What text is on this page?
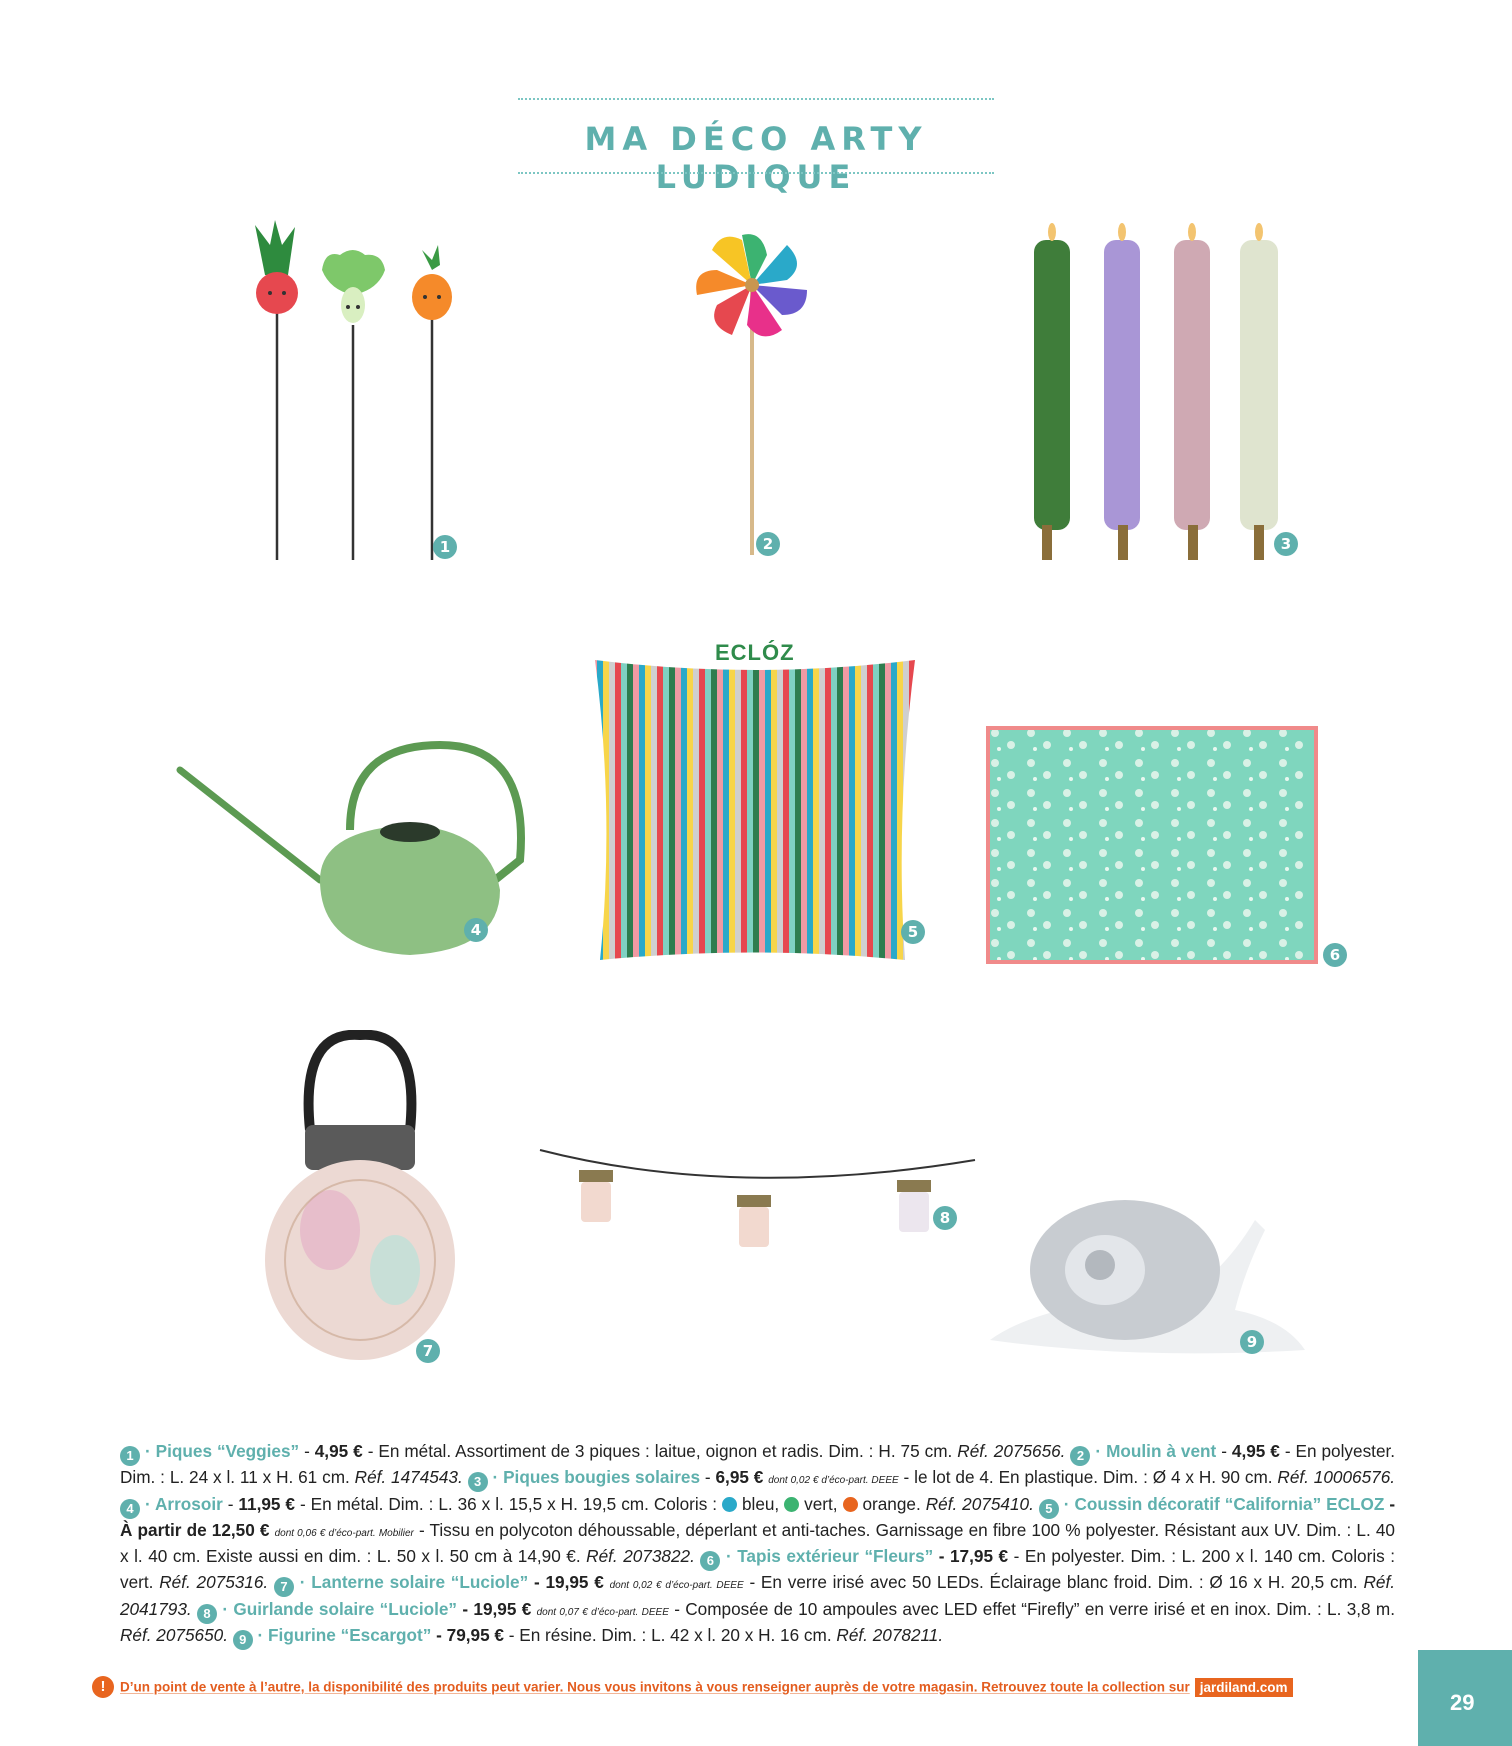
MA DÉCO ARTY LUDIQUE
1	2	3
4
ECLÓZ
5
6
7
8
9
1 · Piques “Veggies” - 4,95 € - En métal. Assortiment de 3 piques : laitue, oignon et radis. Dim. : H. 75 cm. Réf. 2075656. 2 · Moulin à vent - 4,95 € - En polyester. Dim. : L. 24 x l. 11 x H. 61 cm. Réf. 1474543. 3 · Piques bougies solaires - 6,95 € dont 0,02 € d’éco-part. DEEE - le lot de 4. En plastique. Dim. : Ø 4 x H. 90 cm. Réf. 10006576. 4 · Arrosoir - 11,95 € - En métal. Dim. : L. 36 x l. 15,5 x H. 19,5 cm. Coloris : bleu, vert, orange. Réf. 2075410. 5 · Coussin décoratif “California” ECLOZ - À partir de 12,50 € dont 0,06 € d’éco-part. Mobilier - Tissu en polycoton déhoussable, déperlant et anti-taches. Garnissage en fibre 100 % polyester. Résistant aux UV. Dim. : L. 40 x l. 40 cm. Existe aussi en dim. : L. 50 x l. 50 cm à 14,90 €. Réf. 2073822. 6 · Tapis extérieur “Fleurs” - 17,95 € - En polyester. Dim. : L. 200 x l. 140 cm. Coloris : vert. Réf. 2075316. 7 · Lanterne solaire “Luciole” - 19,95 € dont 0,02 € d’éco-part. DEEE - En verre irisé avec 50 LEDs. Éclairage blanc froid. Dim. : Ø 16 x H. 20,5 cm. Réf. 2041793. 8 · Guirlande solaire “Luciole” - 19,95 € dont 0,07 € d’éco-part. DEEE - Composée de 10 ampoules avec LED effet “Firefly” en verre irisé et en inox. Dim. : L. 3,8 m. Réf. 2075650. 9 · Figurine “Escargot” - 79,95 € - En résine. Dim. : L. 42 x l. 20 x H. 16 cm. Réf. 2078211.
! D’un point de vente à l’autre, la disponibilité des produits peut varier. Nous vous invitons à vous renseigner auprès de votre magasin. Retrouvez toute la collection sur jardiland.com
29
